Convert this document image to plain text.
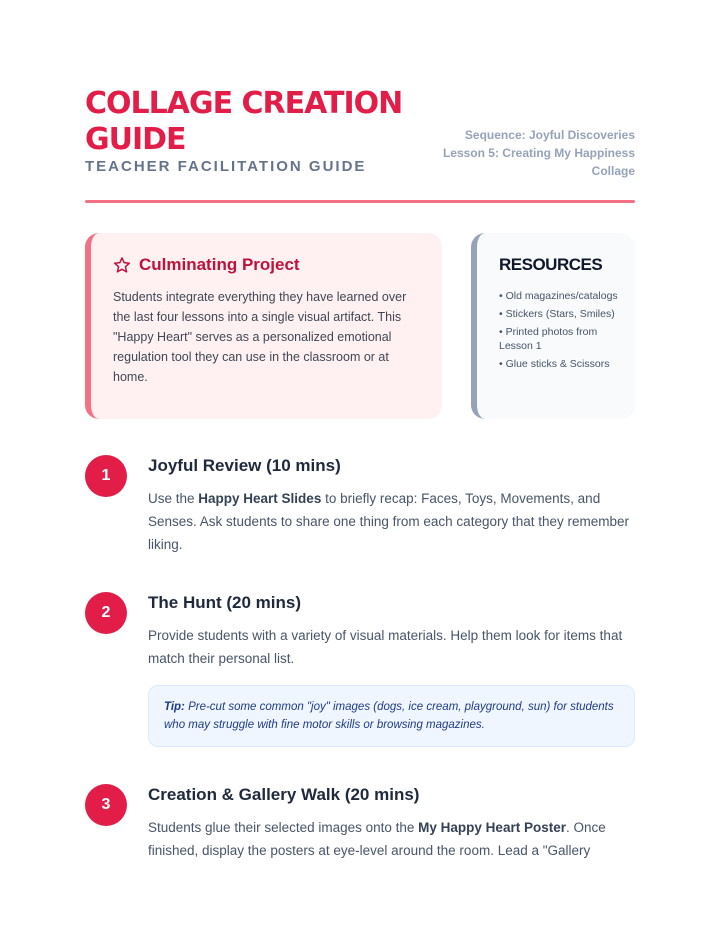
COLLAGE CREATION GUIDE
TEACHER FACILITATION GUIDE
Sequence: Joyful Discoveries
Lesson 5: Creating My Happiness Collage
Culminating Project

Students integrate everything they have learned over the last four lessons into a single visual artifact. This "Happy Heart" serves as a personalized emotional regulation tool they can use in the classroom or at home.

RESOURCES
• Old magazines/catalogs
• Stickers (Stars, Smiles)
• Printed photos from Lesson 1
• Glue sticks & Scissors
1
Joyful Review (10 mins)

Use the Happy Heart Slides to briefly recap: Faces, Toys, Movements, and Senses. Ask students to share one thing from each category that they remember liking.

2
The Hunt (20 mins)

Provide students with a variety of visual materials. Help them look for items that match their personal list.

Tip: Pre-cut some common "joy" images (dogs, ice cream, playground, sun) for students who may struggle with fine motor skills or browsing magazines.
3
Creation & Gallery Walk (20 mins)

Students glue their selected images onto the My Happy Heart Poster. Once finished, display the posters at eye-level around the room. Lead a "Gallery
